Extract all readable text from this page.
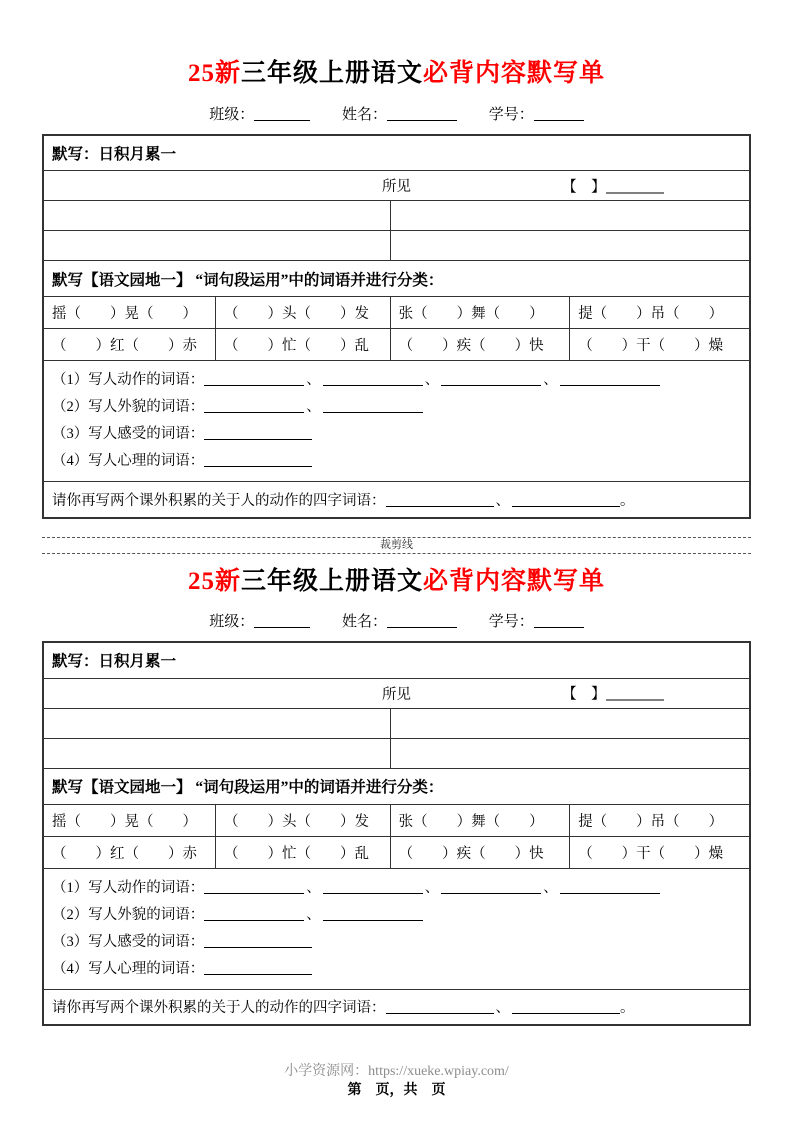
25新三年级上册语文必背内容默写单
班级：	姓名：	学号：
默写：日积月累一			
所见 【　】			

默写【语文园地一】 “词句段运用”中的词语并进行分类：			
摇（　　）晃（　　）	（　　）头（　　）发	张（　　）舞（　　）	提（　　）吊（　　）
（　　）红（　　）赤	（　　）忙（　　）乱	（　　）疾（　　）快	（　　）干（　　）燥

（1）写人动作的词语： 、 、 、
（2）写人外貌的词语： 、
（3）写人感受的词语：
（4）写人心理的词语：			

请你再写两个课外积累的关于人的动作的四字词语： 、 。			
裁剪线
25新三年级上册语文必背内容默写单
班级：	姓名：	学号：
默写：日积月累一			
所见 【　】			

默写【语文园地一】 “词句段运用”中的词语并进行分类：			
摇（　　）晃（　　）	（　　）头（　　）发	张（　　）舞（　　）	提（　　）吊（　　）
（　　）红（　　）赤	（　　）忙（　　）乱	（　　）疾（　　）快	（　　）干（　　）燥

（1）写人动作的词语： 、 、 、
（2）写人外貌的词语： 、
（3）写人感受的词语：
（4）写人心理的词语：			

请你再写两个课外积累的关于人的动作的四字词语： 、 。			
小学资源网：https://xueke.wpiay.com/
第　页，共　页
